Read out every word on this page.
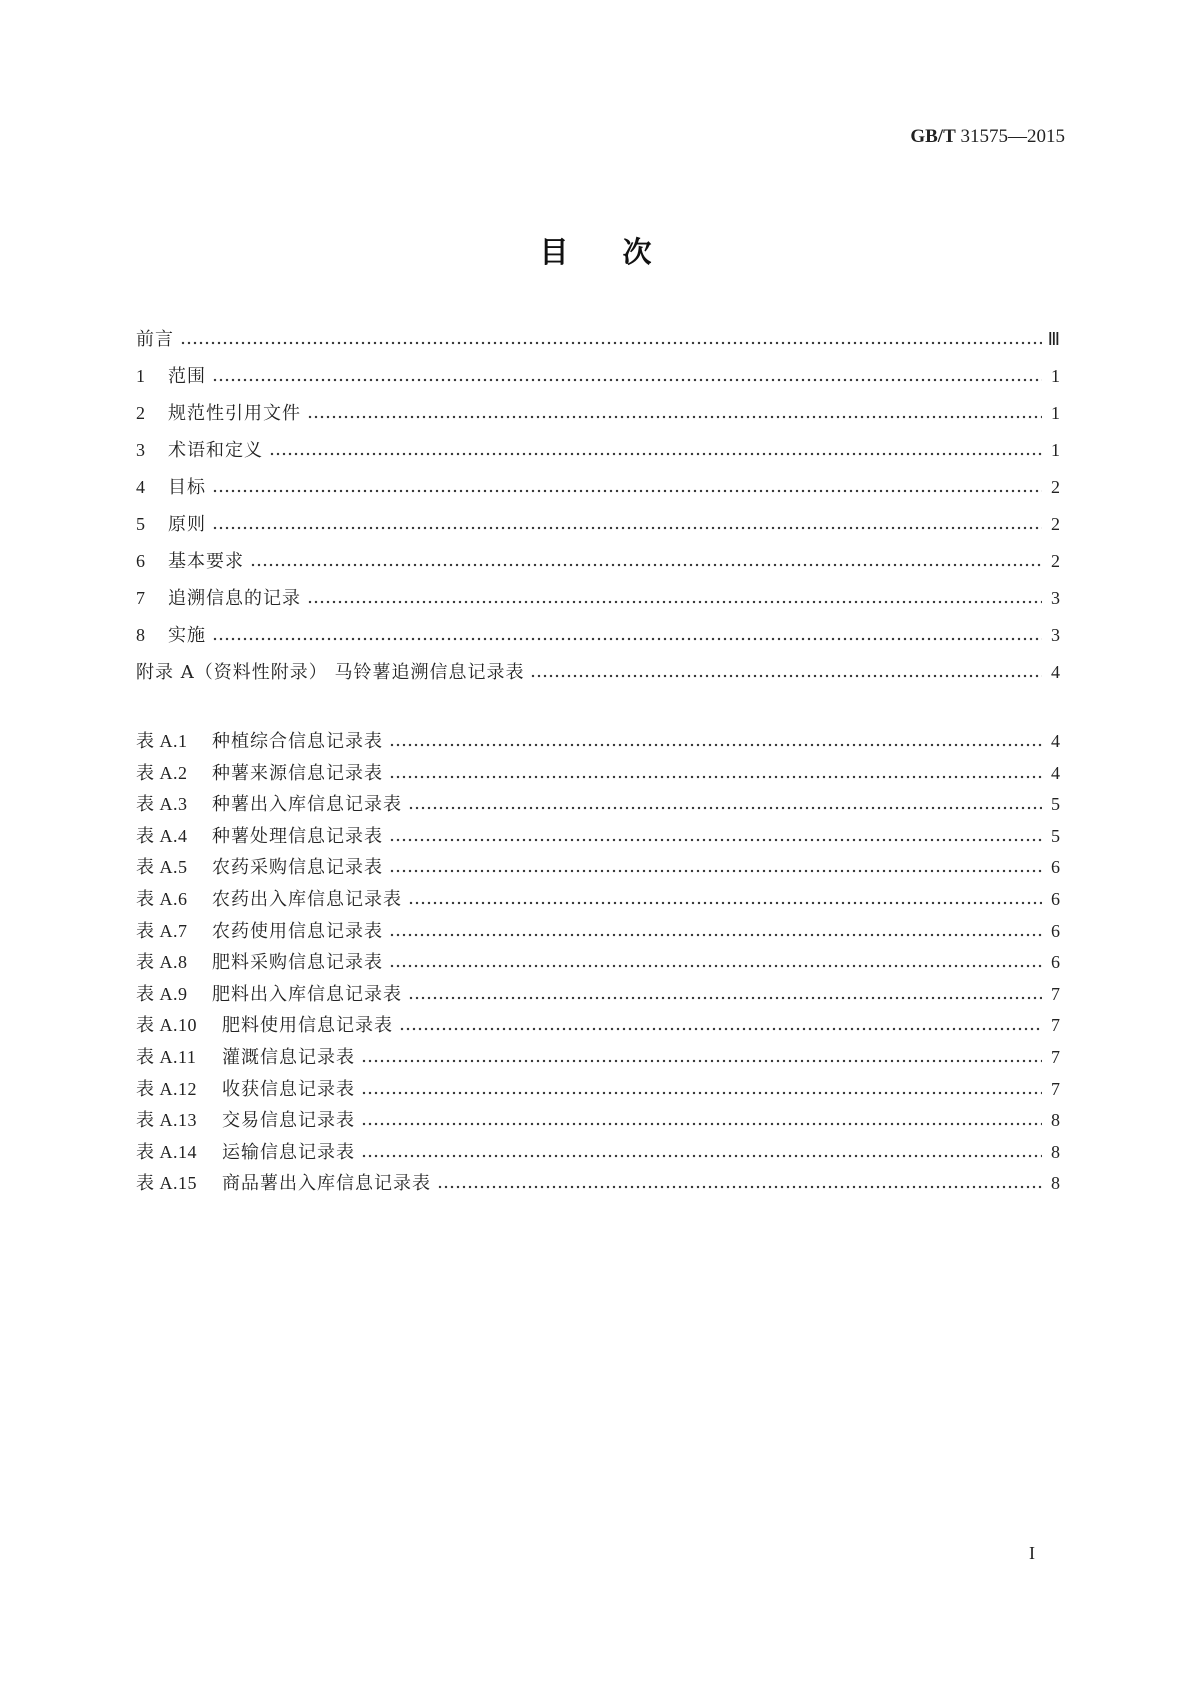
GB/T 31575—2015
目次
前言	Ⅲ
1	范围	1
2	规范性引用文件	1
3	术语和定义	1
4	目标	2
5	原则	2
6	基本要求	2
7	追溯信息的记录	3
8	实施	3
附录 A（资料性附录） 马铃薯追溯信息记录表	4
表 A.1 种植综合信息记录表	4
表 A.2 种薯来源信息记录表	4
表 A.3 种薯出入库信息记录表	5
表 A.4 种薯处理信息记录表	5
表 A.5 农药采购信息记录表	6
表 A.6 农药出入库信息记录表	6
表 A.7 农药使用信息记录表	6
表 A.8 肥料采购信息记录表	6
表 A.9 肥料出入库信息记录表	7
表 A.10 肥料使用信息记录表	7
表 A.11 灌溉信息记录表	7
表 A.12 收获信息记录表	7
表 A.13 交易信息记录表	8
表 A.14 运输信息记录表	8
表 A.15 商品薯出入库信息记录表	8
I
